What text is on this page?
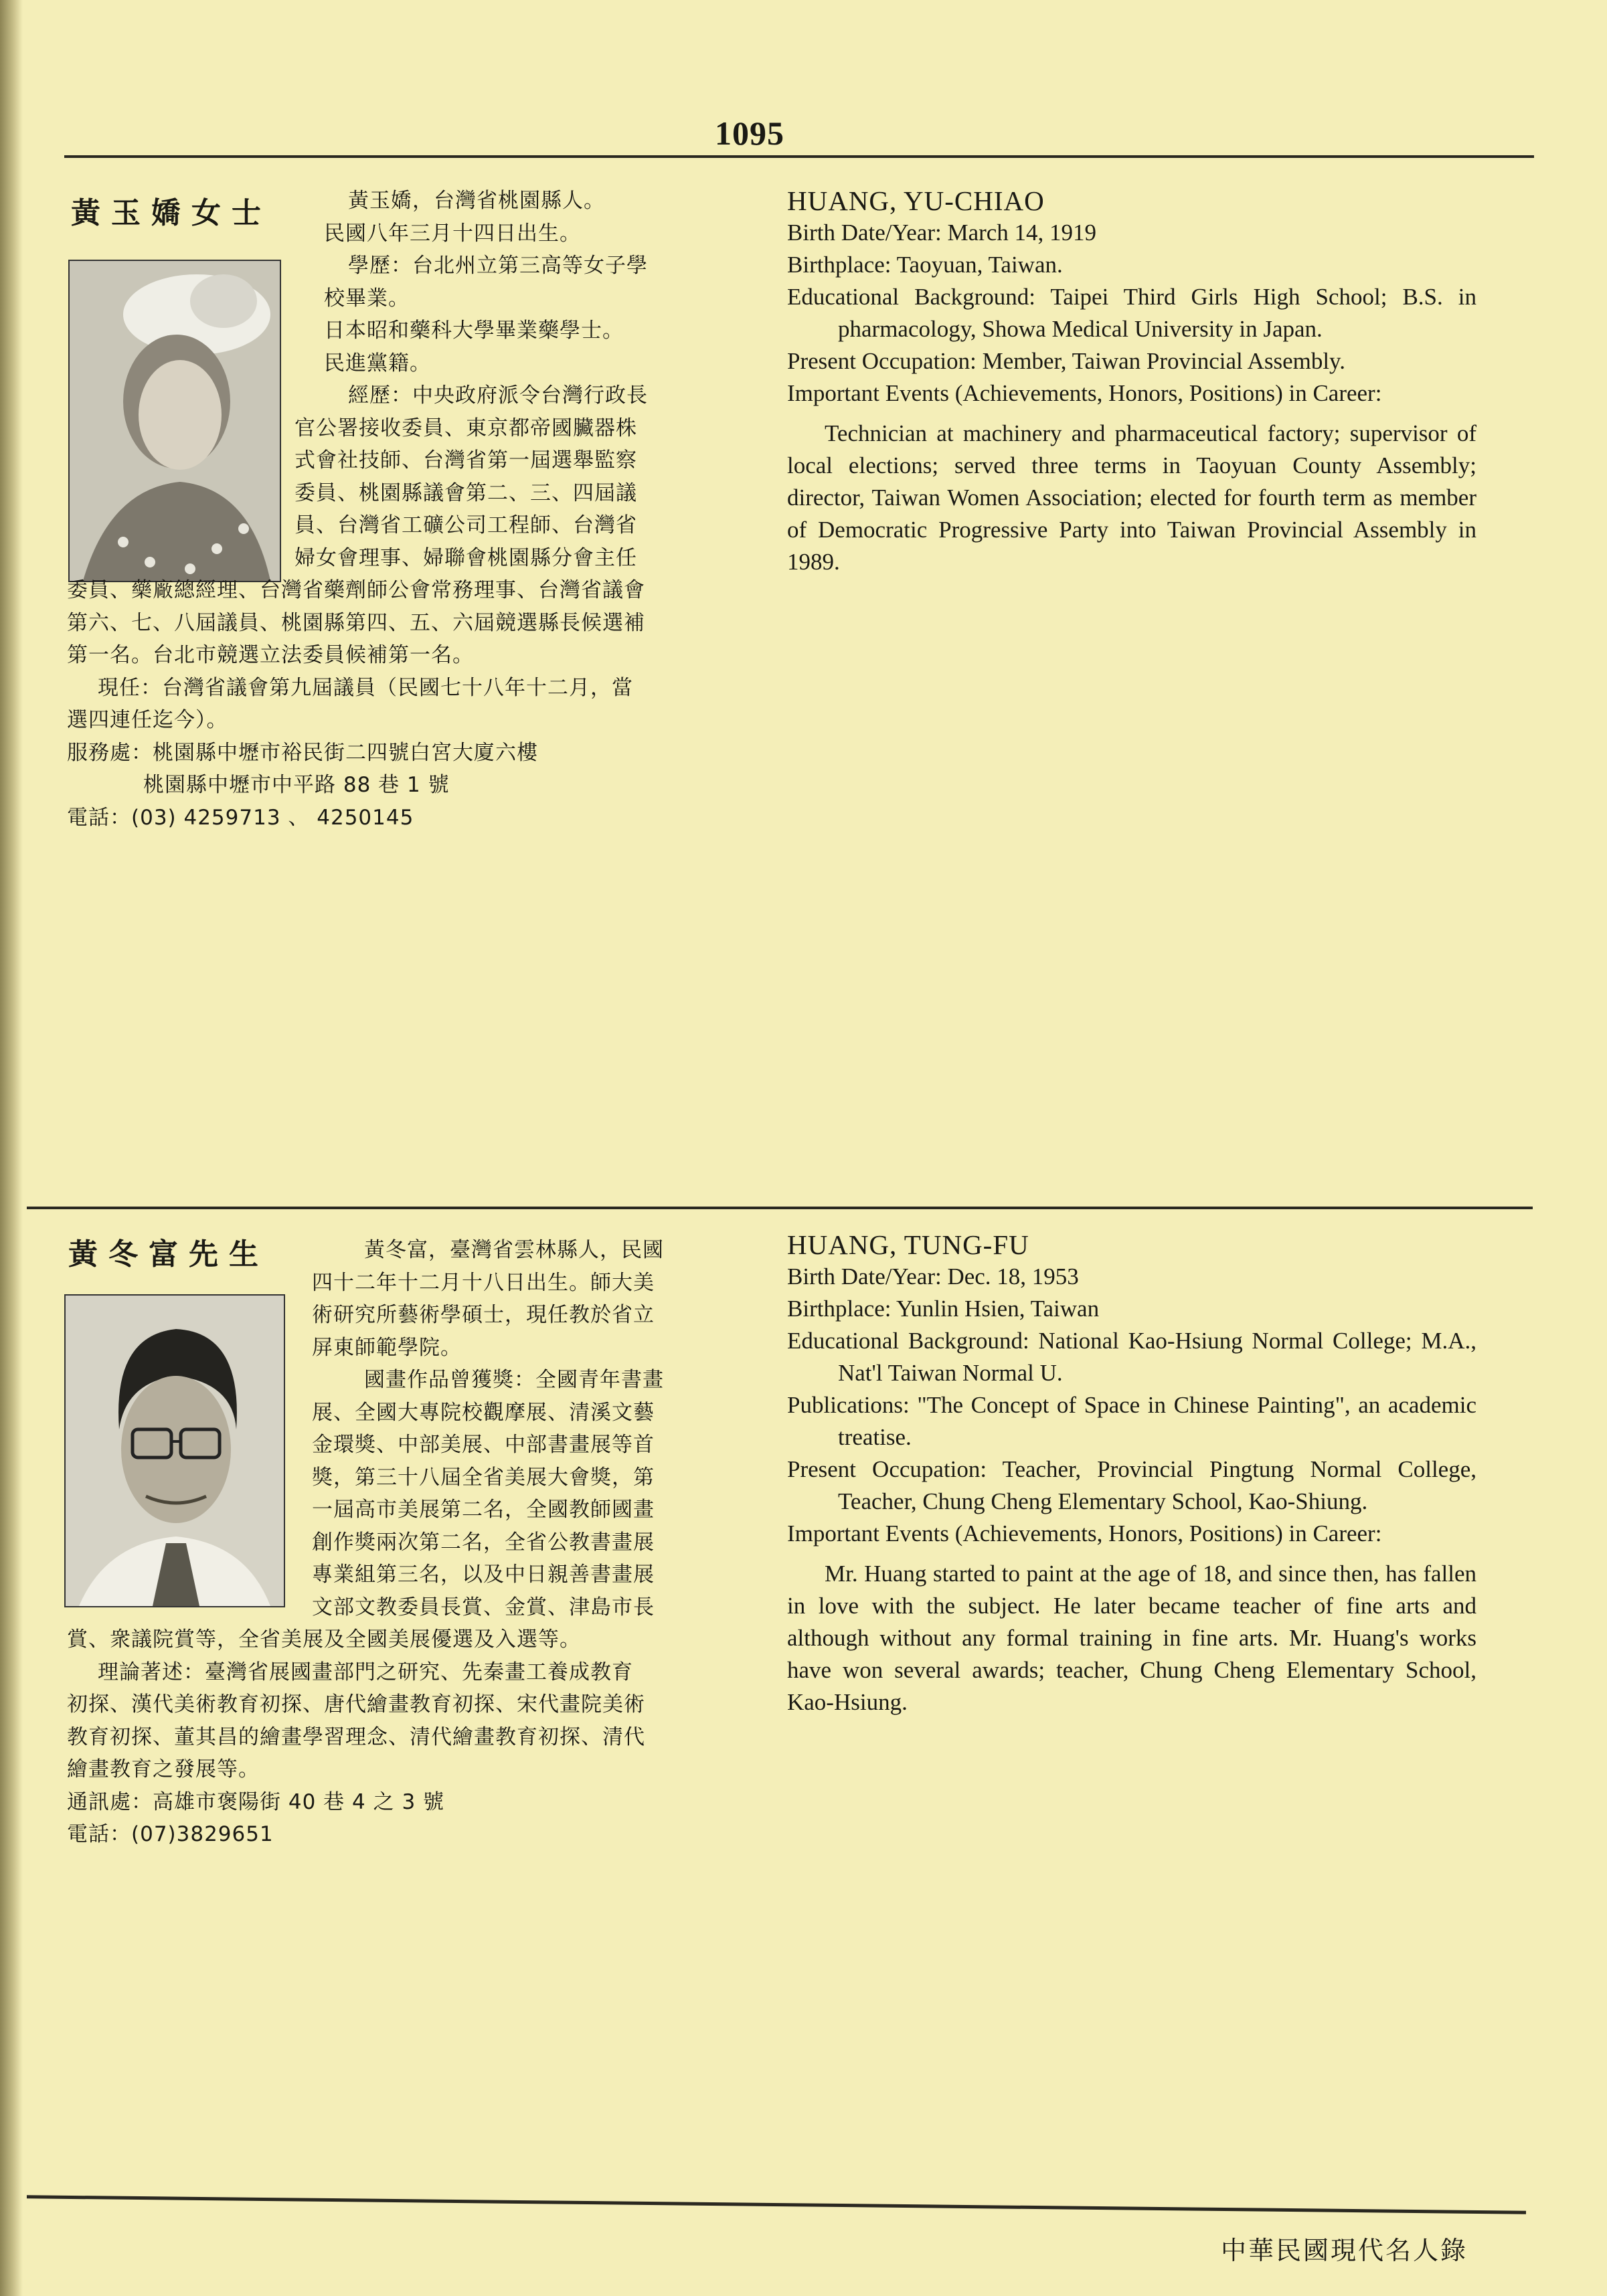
1095
黃玉嬌女士	黃玉嬌，台灣省桃園縣人。

民國八年三月十四日出生。

學歷：台北州立第三高等女子學

校畢業。

日本昭和藥科大學畢業藥學士。

民進黨籍。

經歷：中央政府派令台灣行政長

官公署接收委員、東京都帝國臟器株

式會社技師、台灣省第一屆選舉監察

委員、桃園縣議會第二、三、四屆議

員、台灣省工礦公司工程師、台灣省

婦女會理事、婦聯會桃園縣分會主任

委員、藥廠總經理、台灣省藥劑師公會常務理事、台灣省議會

第六、七、八屆議員、桃園縣第四、五、六屆競選縣長候選補

第一名。台北市競選立法委員候補第一名。

現任：台灣省議會第九屆議員（民國七十八年十二月，當

選四連任迄今）。

服務處：桃園縣中壢市裕民街二四號白宮大廈六樓

桃園縣中壢市中平路 88 巷 1 號

電話：(03) 4259713 、 4250145

HUANG, YU-CHIAO

Birth Date/Year: March 14, 1919

Birthplace: Taoyuan, Taiwan.

Educational Background: Taipei Third Girls High School; B.S. in pharmacology, Showa Medical University in Japan.

Present Occupation: Member, Taiwan Provincial Assembly.

Important Events (Achievements, Honors, Positions) in Career:

Technician at machinery and pharmaceutical factory; supervisor of local elections; served three terms in Taoyuan County Assembly; director, Taiwan Women Association; elected for fourth term as member of Democratic Progressive Party into Taiwan Provincial Assembly in 1989.

黃冬富先生	黃冬富，臺灣省雲林縣人，民國

四十二年十二月十八日出生。師大美

術研究所藝術學碩士，現任教於省立

屏東師範學院。

國畫作品曾獲獎：全國青年書畫

展、全國大專院校觀摩展、清溪文藝

金環獎、中部美展、中部書畫展等首

獎，第三十八屆全省美展大會獎，第

一屆高市美展第二名，全國教師國畫

創作獎兩次第二名，全省公教書畫展

專業組第三名，以及中日親善書畫展

文部文教委員長賞、金賞、津島市長

賞、衆議院賞等，全省美展及全國美展優選及入選等。

理論著述：臺灣省展國畫部門之研究、先秦畫工養成教育

初探、漢代美術教育初探、唐代繪畫教育初探、宋代畫院美術

教育初探、董其昌的繪畫學習理念、清代繪畫教育初探、清代

繪畫教育之發展等。

通訊處：高雄市褒陽街 40 巷 4 之 3 號

電話：(07)3829651

HUANG, TUNG-FU

Birth Date/Year: Dec. 18, 1953

Birthplace: Yunlin Hsien, Taiwan

Educational Background: National Kao-Hsiung Normal College; M.A., Nat'l Taiwan Normal U.

Publications: "The Concept of Space in Chinese Painting", an academic treatise.

Present Occupation: Teacher, Provincial Pingtung Normal College, Teacher, Chung Cheng Elementary School, Kao-Shiung.

Important Events (Achievements, Honors, Positions) in Career:

Mr. Huang started to paint at the age of 18, and since then, has fallen in love with the subject. He later became teacher of fine arts and although without any formal training in fine arts. Mr. Huang's works have won several awards; teacher, Chung Cheng Elementary School, Kao-Hsiung.

中華民國現代名人錄
